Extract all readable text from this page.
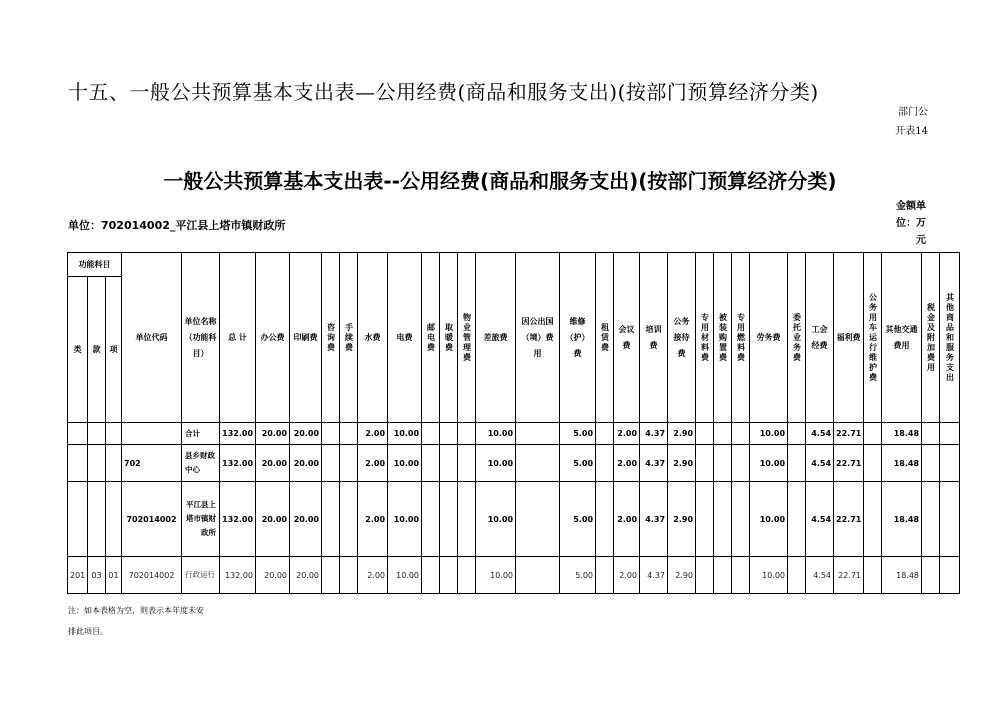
十五、一般公共预算基本支出表—公用经费(商品和服务支出)(按部门预算经济分类)
部门公开表14
一般公共预算基本支出表--公用经费(商品和服务支出)(按部门预算经济分类)
单位：702014002_平江县上塔市镇财政所
金额单位：万元
功能科目			单位代码	单位名称（功能科目）	总 计	办公费	印刷费	咨询费	手续费	水费	电费	邮电费	取暖费	物业管理费	差旅费	因公出国（境）费用	维修（护）费	租赁费	会议费	培训费	公务接待费	专用材料费	被装购置费	专用燃料费	劳务费	委托业务费	工会经费	福利费	公务用车运行维护费	其他交通费用	税金及附加费用	其他商品和服务支出
类	款	项																														
				合计	132.00	20.00	20.00			2.00	10.00				10.00		5.00		2.00	4.37	2.90				10.00		4.54	22.71		18.48		
			702	县乡财政中心	132.00	20.00	20.00			2.00	10.00				10.00		5.00		2.00	4.37	2.90				10.00		4.54	22.71		18.48		
			702014002	平江县上塔市镇财政所	132.00	20.00	20.00			2.00	10.00				10.00		5.00		2.00	4.37	2.90				10.00		4.54	22.71		18.48		
201	03	01	702014002	行政运行	132.00	20.00	20.00			2.00	10.00				10.00		5.00		2.00	4.37	2.90				10.00		4.54	22.71		18.48		
注：如本表格为空，则表示本年度未安
排此项目。
